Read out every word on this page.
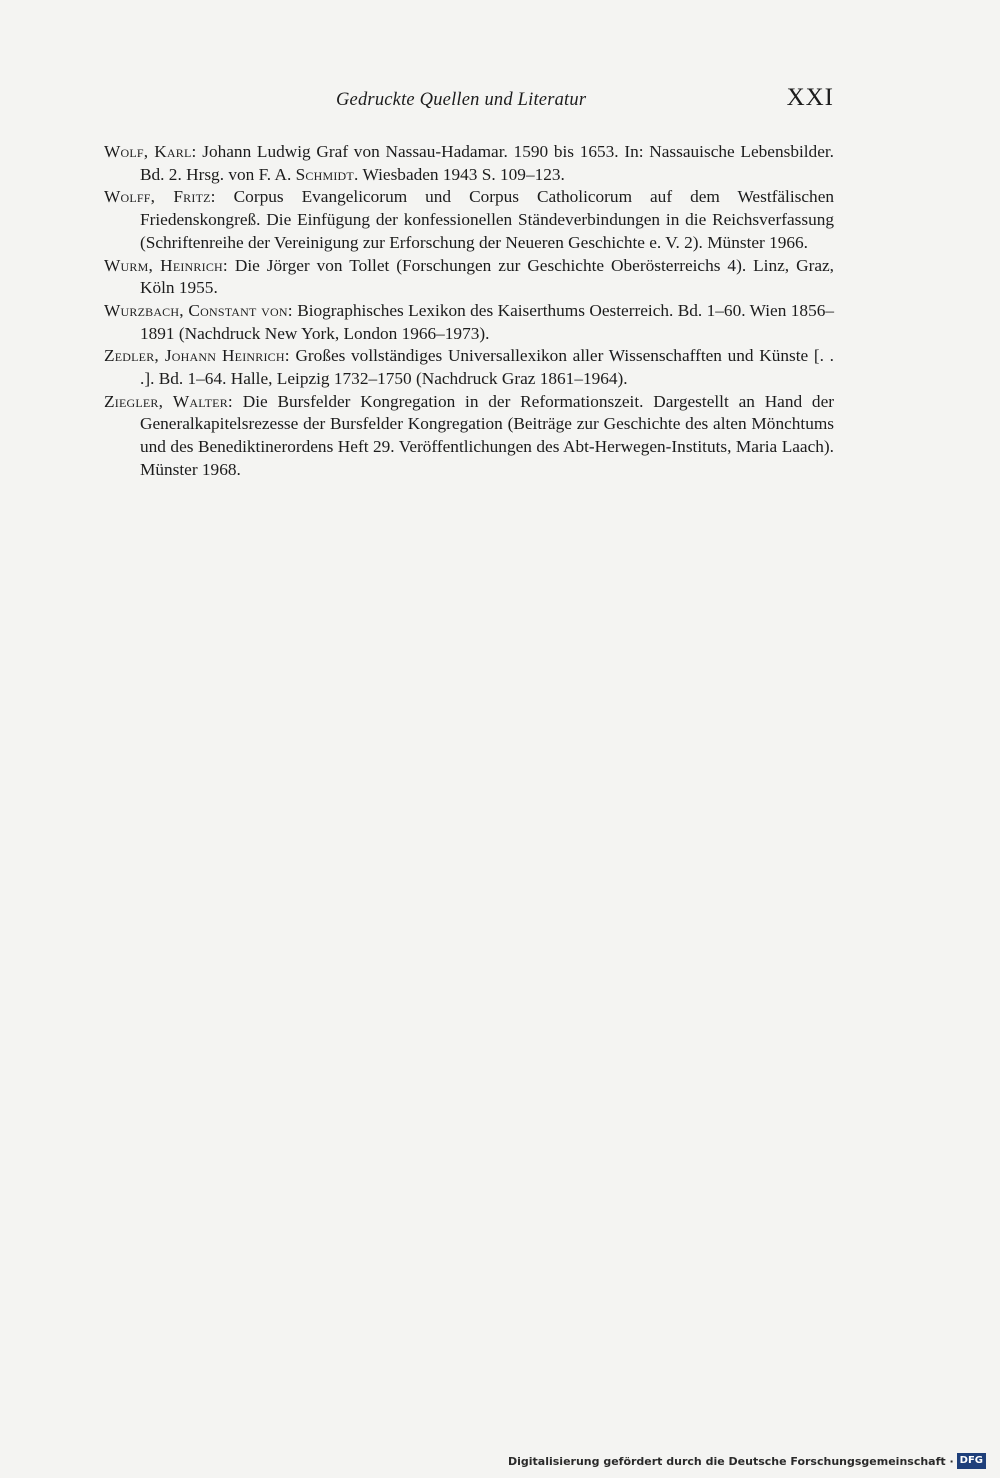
Gedruckte Quellen und Literatur	XXI

Wolf, Karl: Johann Ludwig Graf von Nassau-Hadamar. 1590 bis 1653. In: Nassauische Lebensbilder. Bd. 2. Hrsg. von F. A. Schmidt. Wiesbaden 1943 S. 109–123.

Wolff, Fritz: Corpus Evangelicorum und Corpus Catholicorum auf dem Westfälischen Friedenskongreß. Die Einfügung der konfessionellen Ständeverbindungen in die Reichsverfassung (Schriftenreihe der Vereinigung zur Erforschung der Neueren Geschichte e. V. 2). Münster 1966.

Wurm, Heinrich: Die Jörger von Tollet (Forschungen zur Geschichte Oberösterreichs 4). Linz, Graz, Köln 1955.

Wurzbach, Constant von: Biographisches Lexikon des Kaiserthums Oesterreich. Bd. 1–60. Wien 1856–1891 (Nachdruck New York, London 1966–1973).

Zedler, Johann Heinrich: Großes vollständiges Universallexikon aller Wissenschafften und Künste [. . .]. Bd. 1–64. Halle, Leipzig 1732–1750 (Nachdruck Graz 1861–1964).

Ziegler, Walter: Die Bursfelder Kongregation in der Reformationszeit. Dargestellt an Hand der Generalkapitelsrezesse der Bursfelder Kongregation (Beiträge zur Geschichte des alten Mönchtums und des Benediktinerordens Heft 29. Veröffentlichungen des Abt-Herwegen-Instituts, Maria Laach). Münster 1968.

Digitalisierung gefördert durch die Deutsche Forschungsgemeinschaft · DFG
